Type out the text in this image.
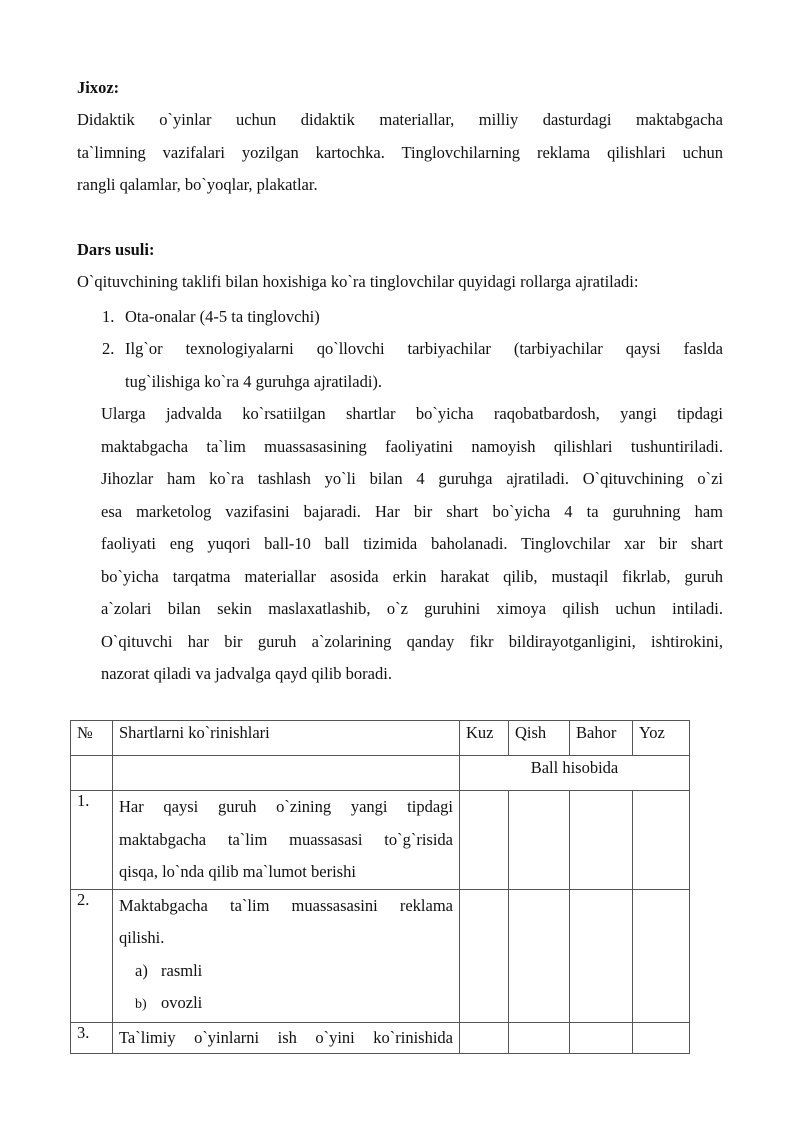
Jixoz:
Didaktik o`yinlar uchun didaktik materiallar, milliy dasturdagi maktabgacha
ta`limning vazifalari yozilgan kartochka. Tinglovchilarning reklama qilishlari uchun
rangli qalamlar, bo`yoqlar, plakatlar.
Dars usuli:
O`qituvchining taklifi bilan hoxishiga ko`ra tinglovchilar quyidagi rollarga ajratiladi:
1. Ota-onalar (4-5 ta tinglovchi)
2. Ilg`or texnologiyalarni qo`llovchi tarbiyachilar (tarbiyachilar qaysi faslda
tug`ilishiga ko`ra 4 guruhga ajratiladi).
Ularga jadvalda ko`rsatiilgan shartlar bo`yicha raqobatbardosh, yangi tipdagi
maktabgacha ta`lim muassasasining faoliyatini namoyish qilishlari tushuntiriladi.
Jihozlar ham ko`ra tashlash yo`li bilan 4 guruhga ajratiladi. O`qituvchining o`zi
esa marketolog vazifasini bajaradi. Har bir shart bo`yicha 4 ta guruhning ham
faoliyati eng yuqori ball-10 ball tizimida baholanadi. Tinglovchilar xar bir shart
bo`yicha tarqatma materiallar asosida erkin harakat qilib, mustaqil fikrlab, guruh
a`zolari bilan sekin maslaxatlashib, o`z guruhini ximoya qilish uchun intiladi.
O`qituvchi har bir guruh a`zolarining qanday fikr bildirayotganligini, ishtirokini,
nazorat qiladi va jadvalga qayd qilib boradi.
№	Shartlarni ko`rinishlari	Kuz	Qish	Bahor	Yoz
		Ball hisobida			
1.	Har qaysi guruh o`zining yangi tipdagi
maktabgacha ta`lim muassasasi to`g`risida
qisqa, lo`nda qilib ma`lumot berishi				

2.	Maktabgacha ta`lim muassasasini reklama
qilishi.
a) rasmli
b) ovozli				

3.	Ta`limiy o`yinlarni ish o`yini ko`rinishida				
